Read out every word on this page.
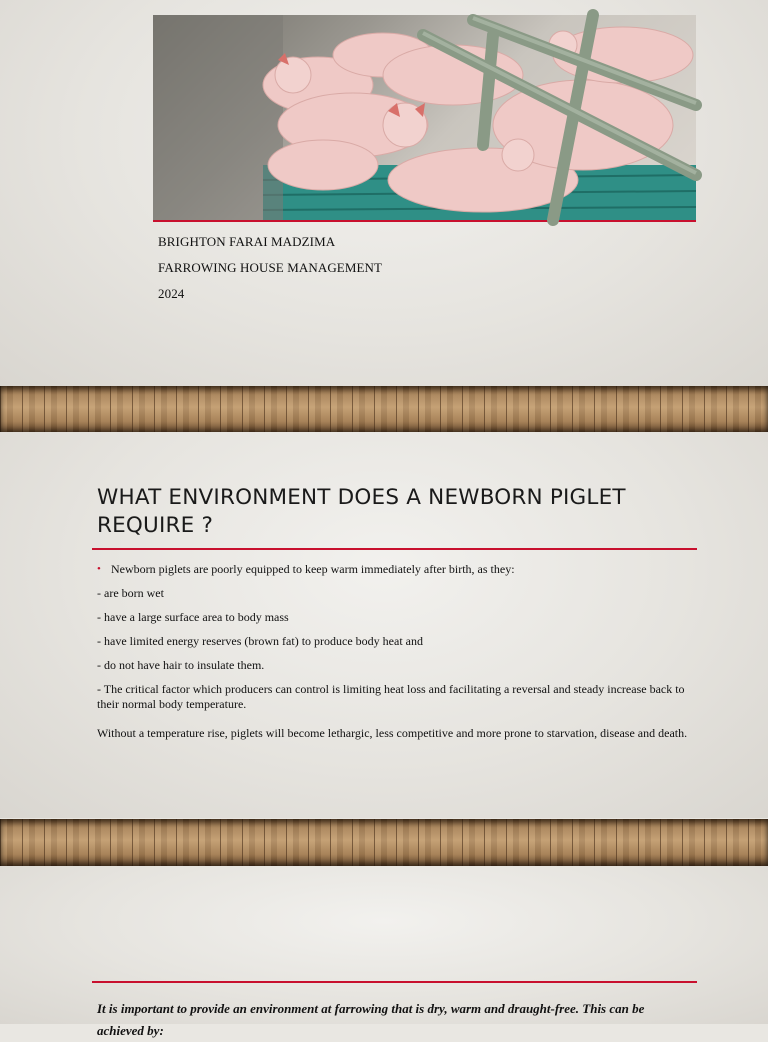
BRIGHTON FARAI MADZIMA
FARROWING HOUSE MANAGEMENT
2024
WHAT ENVIRONMENT DOES A NEWBORN PIGLET REQUIRE ?
• Newborn piglets are poorly equipped to keep warm immediately after birth, as they:
- are born wet
- have a large surface area to body mass
- have limited energy reserves (brown fat) to produce body heat and
- do not have hair to insulate them.
- The critical factor which producers can control is limiting heat loss and facilitating a reversal and steady increase back to their normal body temperature.
Without a temperature rise, piglets will become lethargic, less competitive and more prone to starvation, disease and death.
It is important to provide an environment at farrowing that is dry, warm and draught-free. This can be achieved by:
